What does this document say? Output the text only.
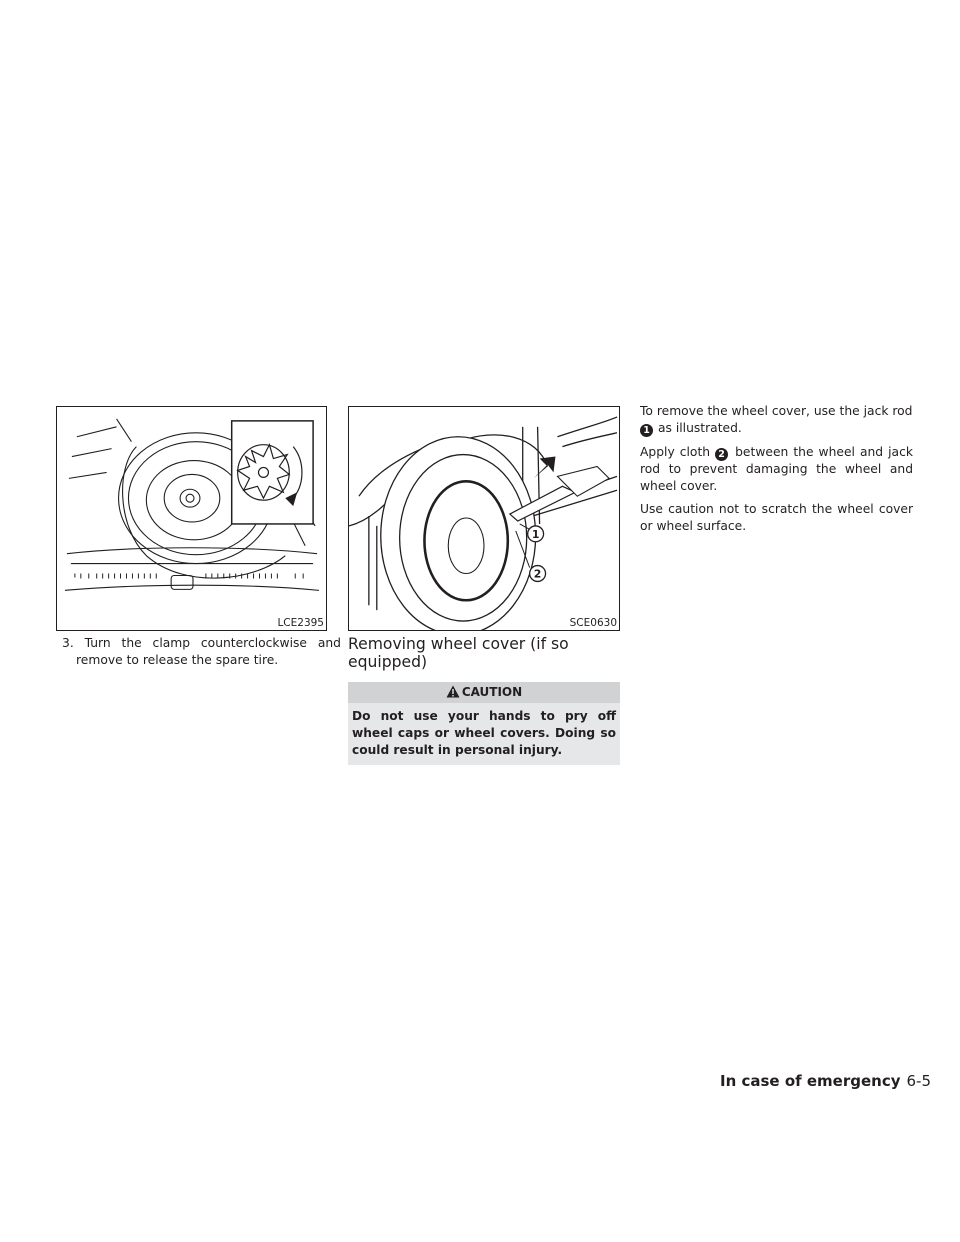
LCE2395
1
2
SCE0630
3. Turn the clamp counterclockwise and remove to release the spare tire.
Removing wheel cover (if so equipped)
CAUTION
Do not use your hands to pry off wheel caps or wheel covers. Doing so could result in personal injury.
To remove the wheel cover, use the jack rod
1 as illustrated.
Apply cloth 2 between the wheel and jack rod to prevent damaging the wheel and wheel cover.
Use caution not to scratch the wheel cover or wheel surface.
In case of emergency 6-5
